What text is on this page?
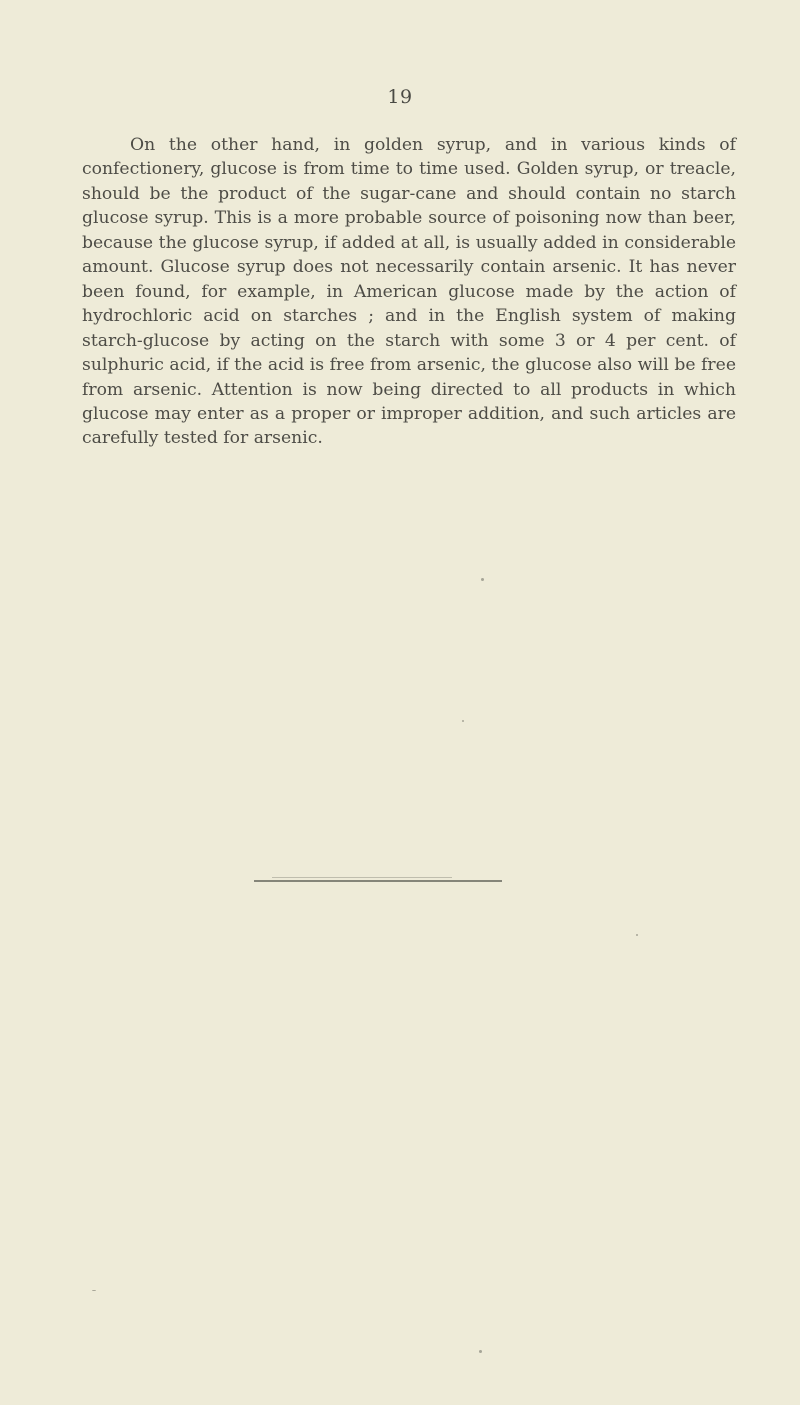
19

On the other hand, in golden syrup, and in various kinds of confectionery, glucose is from time to time used. Golden syrup, or treacle, should be the product of the sugar-cane and should contain no starch glucose syrup. This is a more probable source of poisoning now than beer, because the glucose syrup, if added at all, is usually added in considerable amount. Glucose syrup does not necessarily contain arsenic. It has never been found, for example, in American glucose made by the action of hydrochloric acid on starches ; and in the English system of making starch-glucose by acting on the starch with some 3 or 4 per cent. of sulphuric acid, if the acid is free from arsenic, the glucose also will be free from arsenic. Attention is now being directed to all products in which glucose may enter as a proper or improper addition, and such articles are carefully tested for arsenic.
